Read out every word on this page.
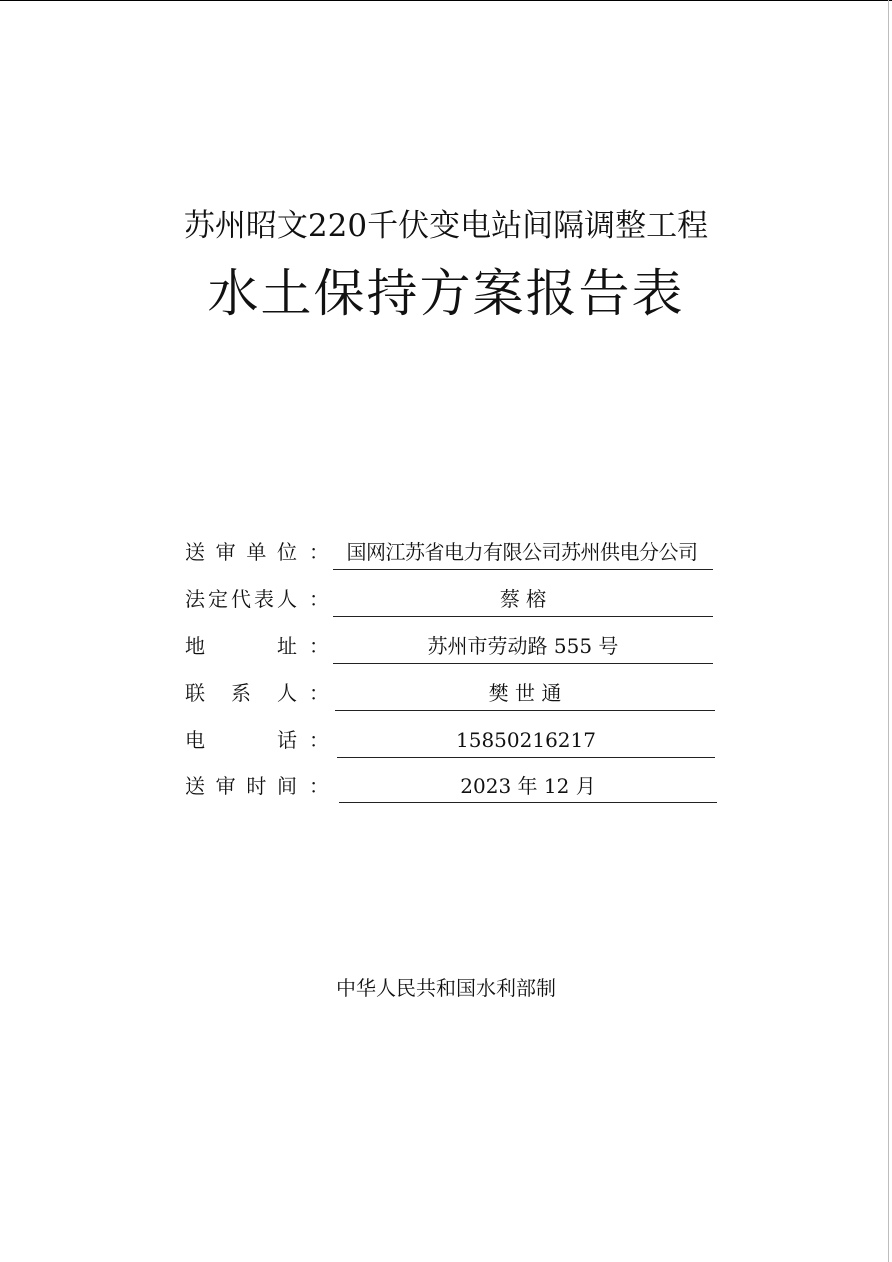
苏州昭文220千伏变电站间隔调整工程
水土保持方案报告表
送 审 单 位 ： 国网江苏省电力有限公司苏州供电分公司
法 定 代 表 人 ：	蔡 榕
地	址 ：	苏州市劳动路 555 号
联 系 人 ：	樊 世 通
电	话 ：	15850216217
送 审 时 间 ：	2023 年 12 月
中华人民共和国水利部制
